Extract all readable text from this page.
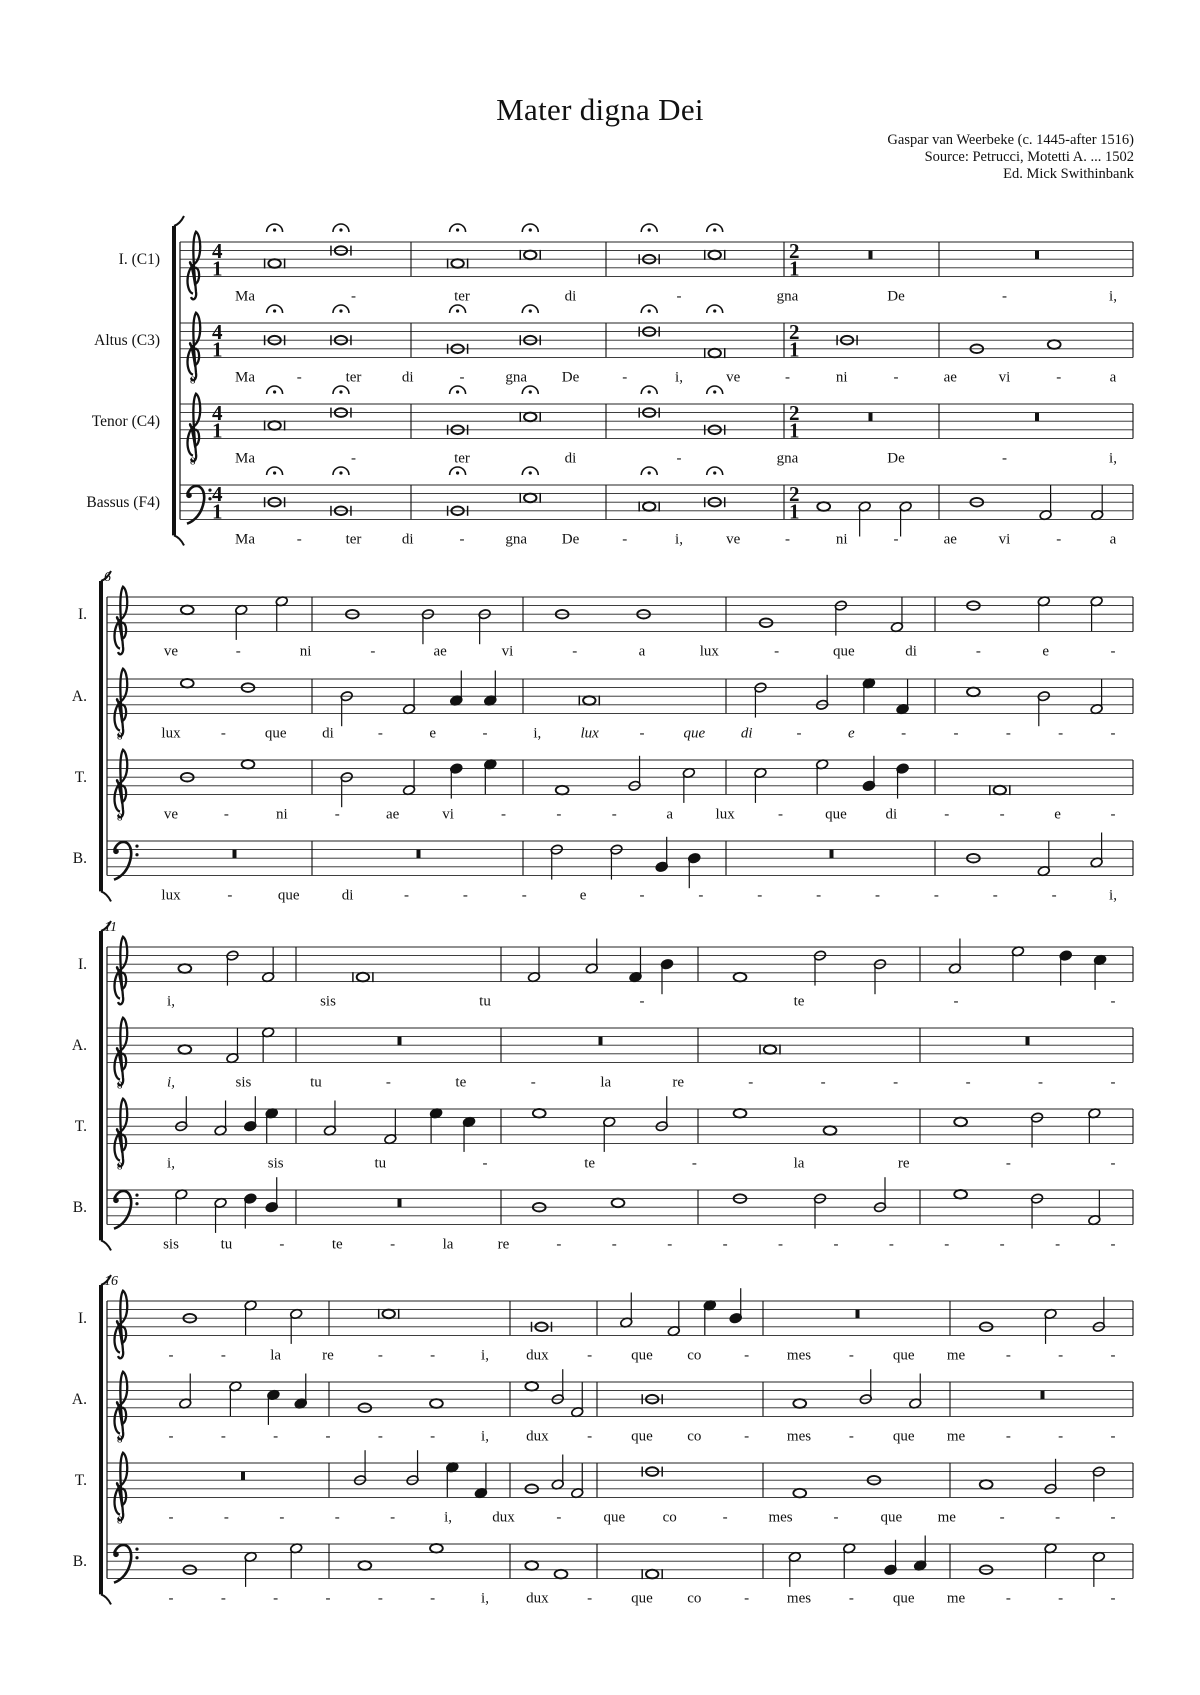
Mater digna Dei
Gaspar van Weerbeke (c. 1445-after 1516)
Source: Petrucci, Motetti A. ... 1502
Ed. Mick Swithinbank
I. (C1) 4
1
2
1
Ma	-	ter	di	-	gna	De	-	i,
Altus (C3)
8
4
1
2
1
Ma	-	ter	di	-	gna De	-	i,	ve	-	ni	-	ae	vi	-	a
Tenor (C4)
8
4
1
2
1
Ma	-	ter	di	-	gna	De	-	i,
Bassus (F4) 4
1
2
1
Ma	-	ter	di	-	gna De	-	i,	ve	-	ni	-	ae	vi	-	a
6
I.
ve	-	ni	-	ae	vi	-	a	lux	-	que	di	-	e	-
A.
8	lux	-	que di	-	e	-	i,	lux	-	que di	-	e	-	-	-	-	-
T.
8	ve	-	ni	-	ae	vi	-	-	-	a	lux	-	que	di	-	-	e	-
B.
lux	-	que	di	-	-	-	e	-	-	-	-	-	-	-	-	i,
11
I.
i,	sis	tu	-	te	-	-
A.
8	i,	sis	tu	-	te	-	la	re	-	-	-	-	-	-
T.
8	i,	sis	tu	-	te	-	la	re	-	-
B.
sis	tu	-	te	-	la	re	-	-	-	-	-	-	-	-	-	-	-
16
I.
-	-	la	re	-	-	i, dux	-	que co	-	mes	-	que me	-	-	-
A.
8	-	-	-	-	-	-	i, dux	-	que co	-	mes	-	que me	-	-	-
T.
8	-	-	-	-	-	i,	dux	-	que co	-	mes	-	que me	-	-	-
B.
-	-	-	-	-	-	i, dux	-	que co	-	mes	-	que me	-	-	-
